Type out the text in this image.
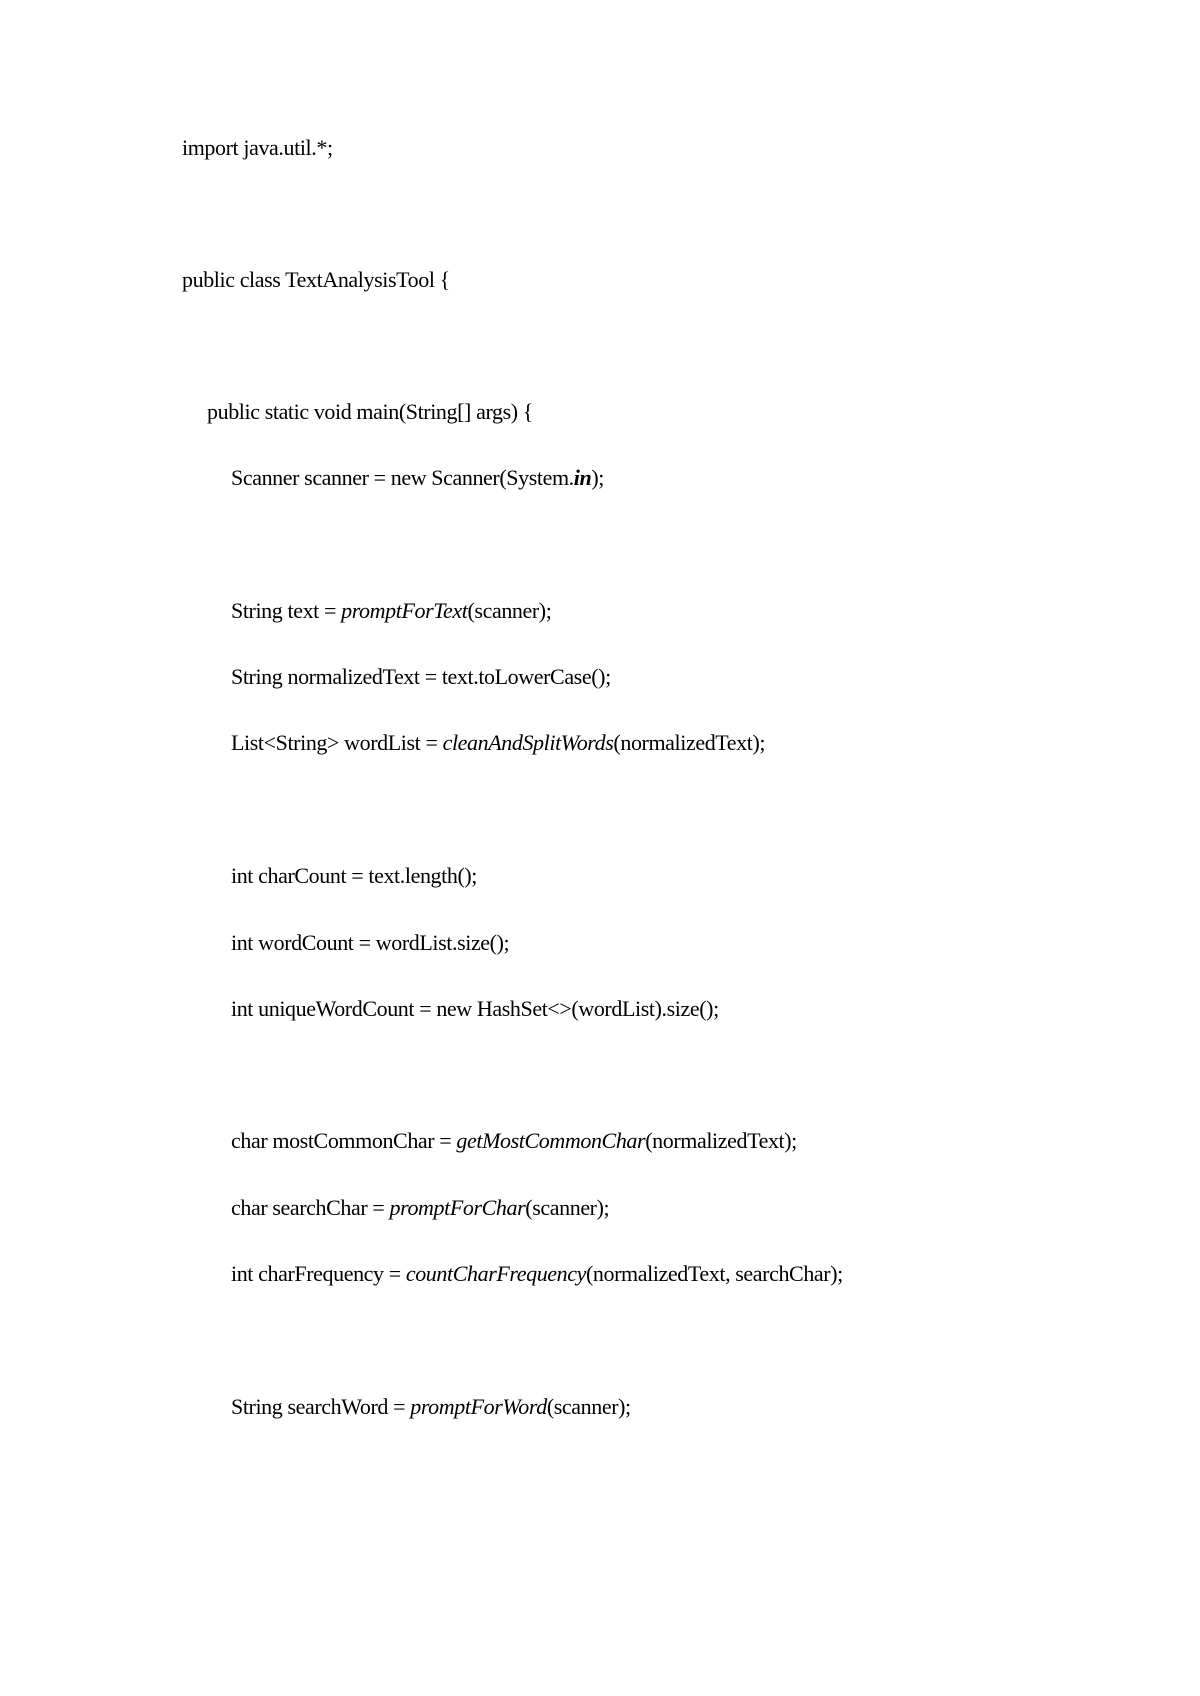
import java.util.*;
public class TextAnalysisTool {
public static void main(String[] args) {
Scanner scanner = new Scanner(System.in);
String text = promptForText(scanner);
String normalizedText = text.toLowerCase();
List<String> wordList = cleanAndSplitWords(normalizedText);
int charCount = text.length();
int wordCount = wordList.size();
int uniqueWordCount = new HashSet<>(wordList).size();
char mostCommonChar = getMostCommonChar(normalizedText);
char searchChar = promptForChar(scanner);
int charFrequency = countCharFrequency(normalizedText, searchChar);
String searchWord = promptForWord(scanner);
